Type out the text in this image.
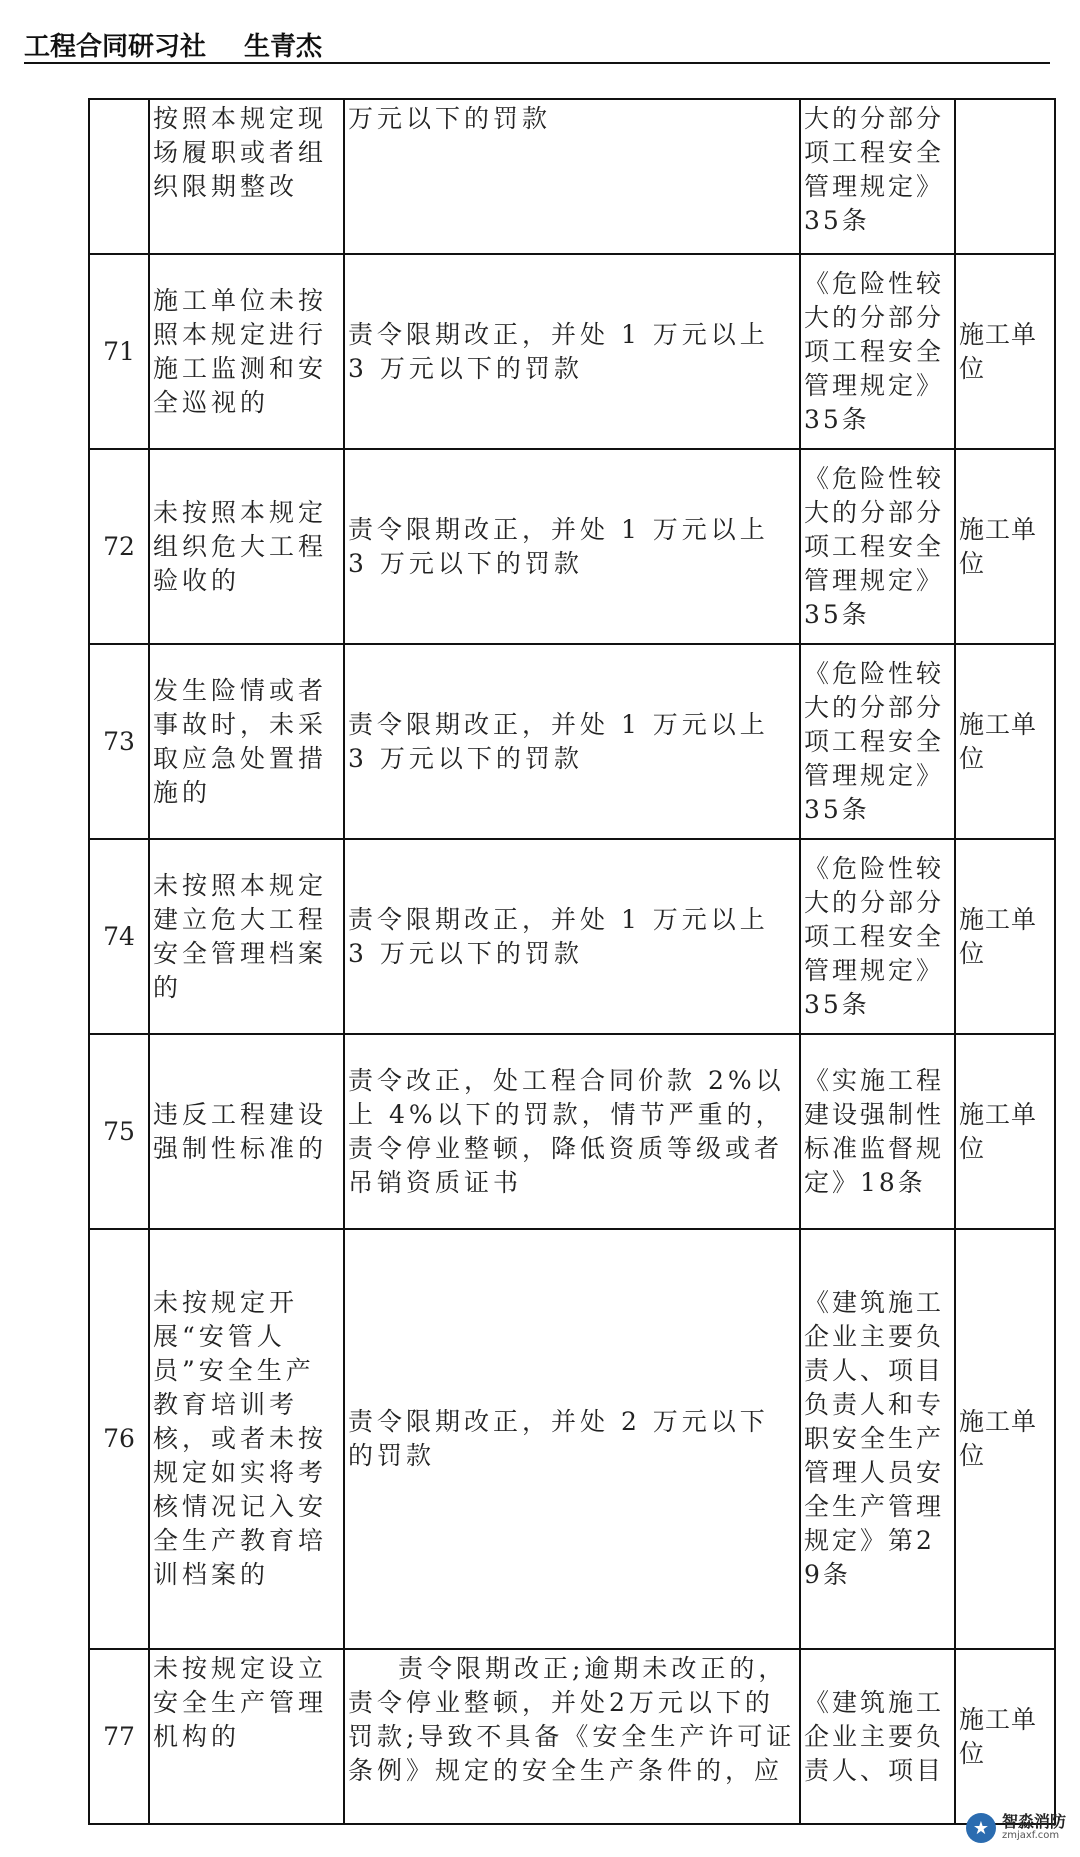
工程合同研习社 生青杰
	按照本规定现场履职或者组织限期整改	万元以下的罚款	大的分部分项工程安全管理规定》35条	
71	施工单位未按照本规定进行施工监测和安全巡视的	责令限期改正，并处 1 万元以上 3 万元以下的罚款	《危险性较大的分部分项工程安全管理规定》35条	施工单位
72	未按照本规定组织危大工程验收的	责令限期改正，并处 1 万元以上 3 万元以下的罚款	《危险性较大的分部分项工程安全管理规定》35条	施工单位
73	发生险情或者事故时，未采取应急处置措施的	责令限期改正，并处 1 万元以上 3 万元以下的罚款	《危险性较大的分部分项工程安全管理规定》35条	施工单位
74	未按照本规定建立危大工程安全管理档案的	责令限期改正，并处 1 万元以上 3 万元以下的罚款	《危险性较大的分部分项工程安全管理规定》35条	施工单位
75	违反工程建设强制性标准的	责令改正，处工程合同价款 2%以上 4%以下的罚款，情节严重的，责令停业整顿，降低资质等级或者吊销资质证书	《实施工程建设强制性标准监督规定》18条	施工单位
76	未按规定开展“安管人员”安全生产教育培训考核，或者未按规定如实将考核情况记入安全生产教育培训档案的	责令限期改正，并处 2 万元以下的罚款	《建筑施工企业主要负责人、项目负责人和专职安全生产管理人员安全生产管理规定》第29条	施工单位
77	未按规定设立安全生产管理机构的	责令限期改正;逾期未改正的，责令停业整顿，并处2万元以下的罚款;导致不具备《安全生产许可证条例》规定的安全生产条件的，应	《建筑施工企业主要负责人、项目	施工单位
★ 智淼消防
zmjaxf.com
